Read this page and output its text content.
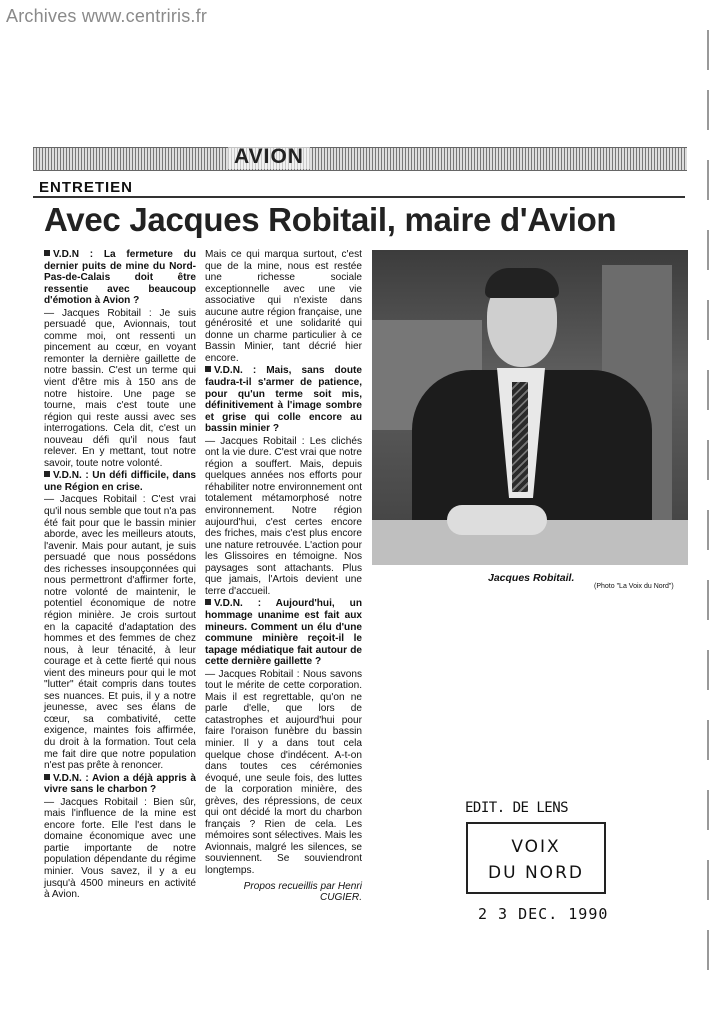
Archives www.centriris.fr
AVION
ENTRETIEN
Avec Jacques Robitail, maire d'Avion

V.D.N : La fermeture du dernier puits de mine du Nord-Pas-de-Calais doit être ressentie avec beaucoup d'émotion à Avion ?

— Jacques Robitail : Je suis persuadé que, Avionnais, tout comme moi, ont ressenti un pincement au cœur, en voyant remonter la dernière gaillette de notre bassin. C'est un terme qui vient d'être mis à 150 ans de notre histoire. Une page se tourne, mais c'est toute une région qui reste aussi avec ses interrogations. Cela dit, c'est un nouveau défi qu'il nous faut relever. En y mettant, tout notre savoir, toute notre volonté.

V.D.N. : Un défi difficile, dans une Région en crise.

— Jacques Robitail : C'est vrai qu'il nous semble que tout n'a pas été fait pour que le bassin minier aborde, avec les meilleurs atouts, l'avenir. Mais pour autant, je suis persuadé que nous possédons des richesses insoupçonnées qui nous permettront d'affirmer forte, notre volonté de maintenir, le potentiel économique de notre région minière. Je crois surtout en la capacité d'adaptation des hommes et des femmes de chez nous, à leur ténacité, à leur courage et à cette fierté qui nous vient des mineurs pour qui le mot "lutter" était compris dans toutes ses nuances. Et puis, il y a notre jeunesse, avec ses élans de cœur, sa combativité, cette exigence, maintes fois affirmée, du droit à la formation. Tout cela me fait dire que notre population n'est pas prête à renoncer.

V.D.N. : Avion a déjà appris à vivre sans le charbon ?

— Jacques Robitail : Bien sûr, mais l'influence de la mine est encore forte. Elle l'est dans le domaine économique avec une partie importante de notre population dépendante du régime minier. Vous savez, il y a eu jusqu'à 4500 mineurs en activité à Avion.

Mais ce qui marqua surtout, c'est que de la mine, nous est restée une richesse sociale exceptionnelle avec une vie associative qui n'existe dans aucune autre région française, une générosité et une solidarité qui donne un charme particulier à ce Bassin Minier, tant décrié hier encore.

V.D.N. : Mais, sans doute faudra-t-il s'armer de patience, pour qu'un terme soit mis, définitivement à l'image sombre et grise qui colle encore au bassin minier ?

— Jacques Robitail : Les clichés ont la vie dure. C'est vrai que notre région a souffert. Mais, depuis quelques années nos efforts pour réhabiliter notre environnement ont totalement métamorphosé notre environnement. Notre région aujourd'hui, c'est certes encore des friches, mais c'est plus encore une nature retrouvée. L'action pour les Glissoires en témoigne. Nos paysages sont attachants. Plus que jamais, l'Artois devient une terre d'accueil.

V.D.N. : Aujourd'hui, un hommage unanime est fait aux mineurs. Comment un élu d'une commune minière reçoit-il le tapage médiatique fait autour de cette dernière gaillette ?

— Jacques Robitail : Nous savons tout le mérite de cette corporation. Mais il est regrettable, qu'on ne parle d'elle, que lors de catastrophes et aujourd'hui pour faire l'oraison funèbre du bassin minier. Il y a dans tout cela quelque chose d'indécent. A-t-on dans toutes ces cérémonies évoqué, une seule fois, des luttes de la corporation minière, des grèves, des répressions, de ceux qui ont décidé la mort du charbon français ? Rien de cela. Les mémoires sont sélectives. Mais les Avionnais, malgré les silences, se souviennent. Se souviendront longtemps.

Propos recueillis par Henri CUGIER.

Jacques Robitail.
(Photo "La Voix du Nord")
EDIT. DE LENS
VOIX
DU NORD
2 3 DEC. 1990
